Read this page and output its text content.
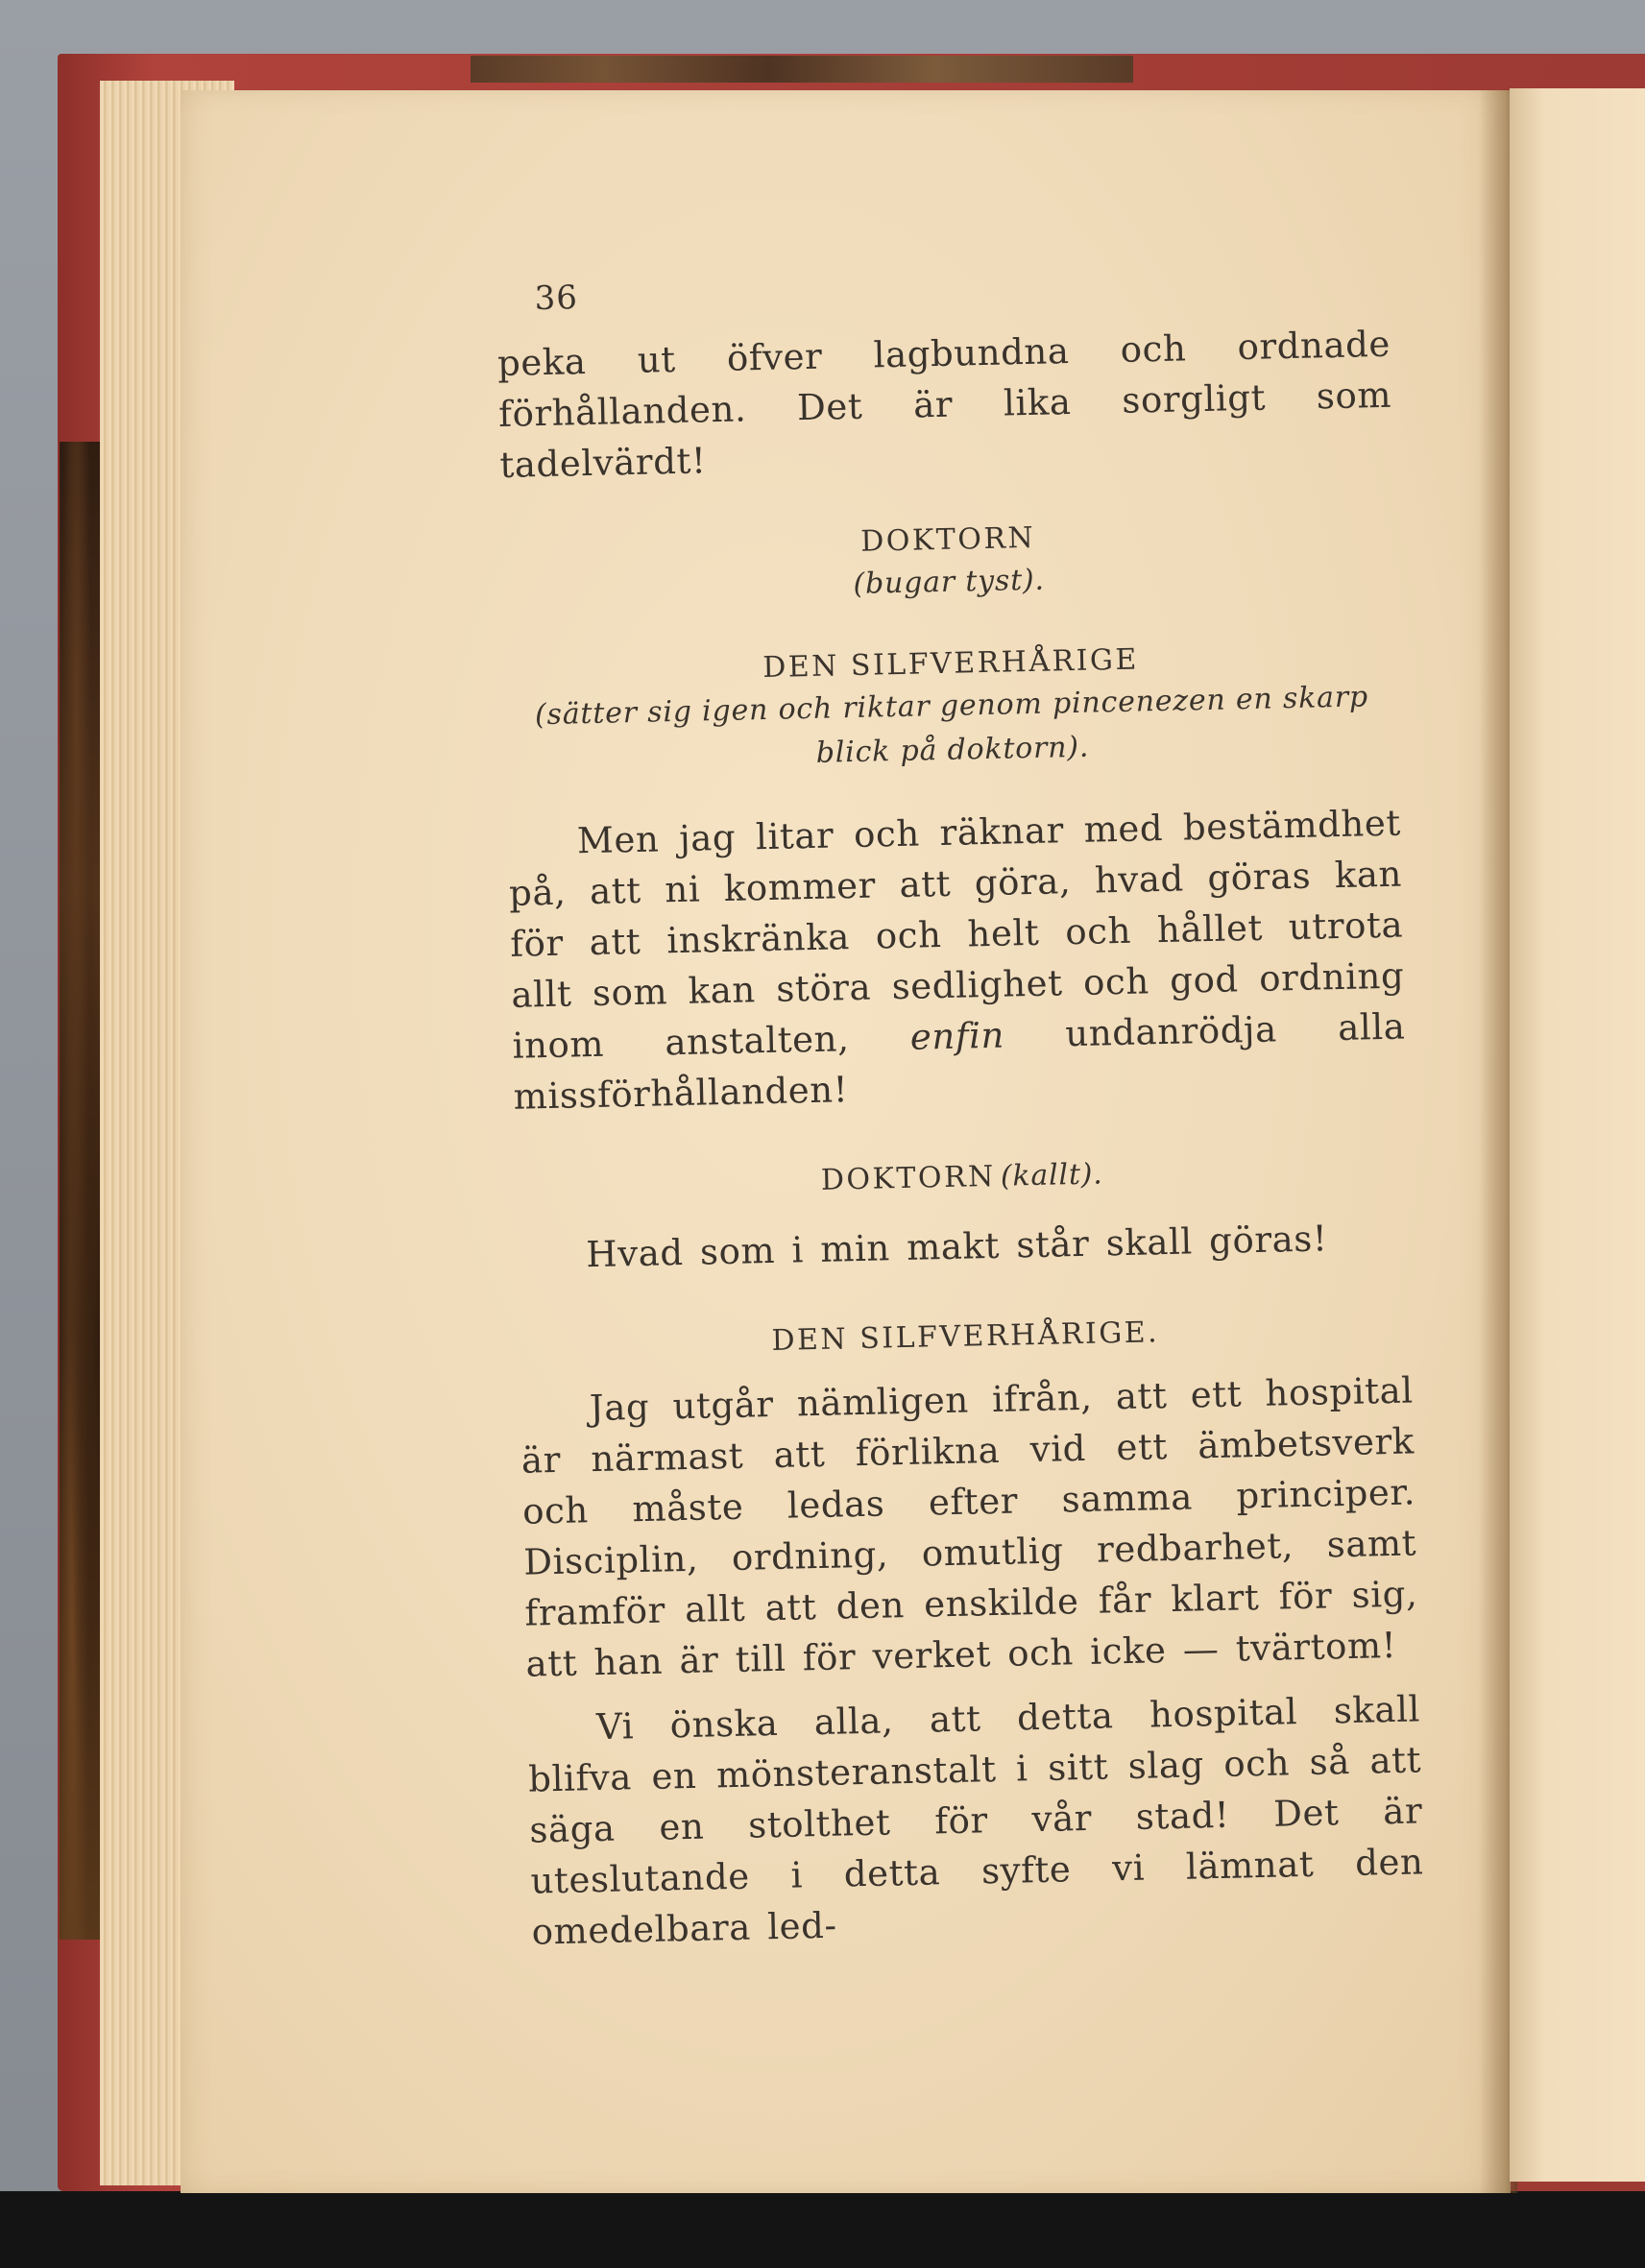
36

peka ut öfver lagbundna och ordnade förhållanden. Det är lika sorgligt som tadelvärdt!

DOKTORN
(bugar tyst).
DEN SILFVERHÅRIGE
(sätter sig igen och riktar genom pincenezen en skarp blick på doktorn).

Men jag litar och räknar med bestämdhet på, att ni kommer att göra, hvad göras kan för att inskränka och helt och hållet utrota allt som kan störa sedlighet och god ordning inom anstalten, enfin undanrödja alla missförhållanden!

DOKTORN (kallt).

Hvad som i min makt står skall göras!

DEN SILFVERHÅRIGE.

Jag utgår nämligen ifrån, att ett hospital är närmast att förlikna vid ett ämbetsverk och måste ledas efter samma principer. Disciplin, ordning, omutlig redbarhet, samt framför allt att den enskilde får klart för sig, att han är till för verket och icke — tvärtom!

Vi önska alla, att detta hospital skall blifva en mönsteranstalt i sitt slag och så att säga en stolthet för vår stad! Det är uteslutande i detta syfte vi lämnat den omedelbara led-
